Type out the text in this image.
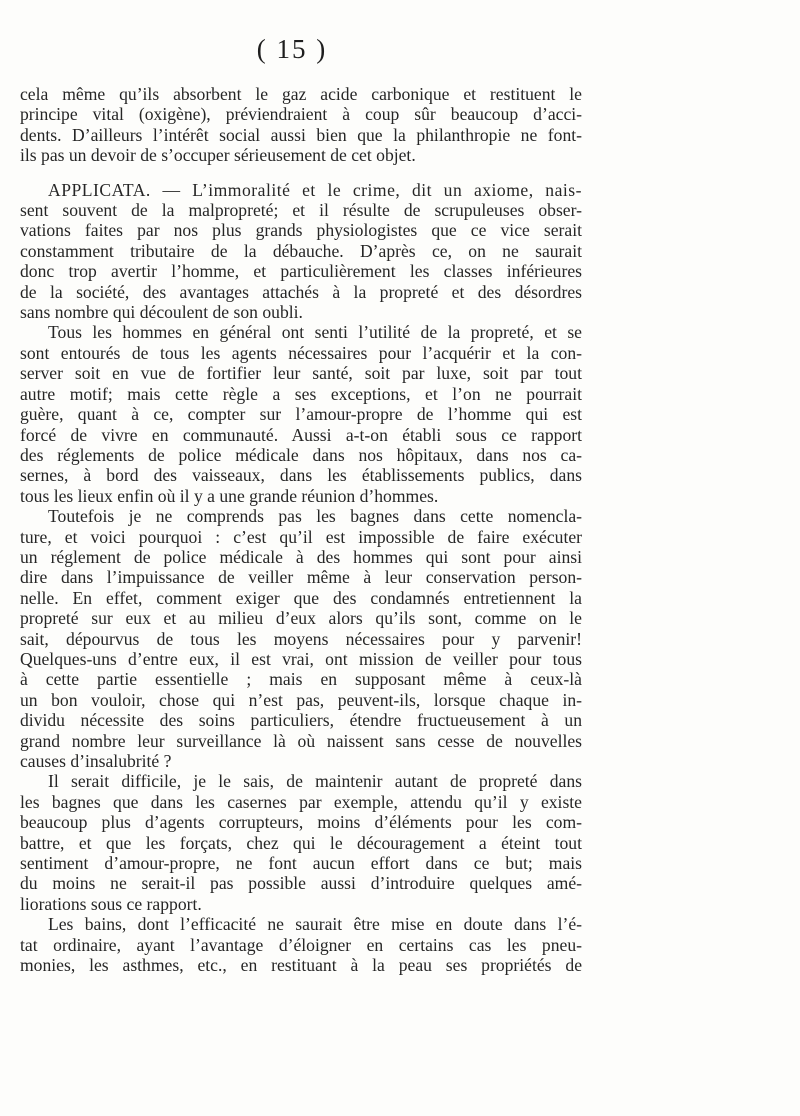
( 15 )
cela même qu’ils absorbent le gaz acide carbonique et restituent le
principe vital (oxigène), préviendraient à coup sûr beaucoup d’acci-
dents. D’ailleurs l’intérêt social aussi bien que la philanthropie ne font-
ils pas un devoir de s’occuper sérieusement de cet objet.
APPLICATA. — L’immoralité et le crime, dit un axiome, nais-
sent souvent de la malpropreté; et il résulte de scrupuleuses obser-
vations faites par nos plus grands physiologistes que ce vice serait
constamment tributaire de la débauche. D’après ce, on ne saurait
donc trop avertir l’homme, et particulièrement les classes inférieures
de la société, des avantages attachés à la propreté et des désordres
sans nombre qui découlent de son oubli.
Tous les hommes en général ont senti l’utilité de la propreté, et se
sont entourés de tous les agents nécessaires pour l’acquérir et la con-
server soit en vue de fortifier leur santé, soit par luxe, soit par tout
autre motif; mais cette règle a ses exceptions, et l’on ne pourrait
guère, quant à ce, compter sur l’amour-propre de l’homme qui est
forcé de vivre en communauté. Aussi a-t-on établi sous ce rapport
des réglements de police médicale dans nos hôpitaux, dans nos ca-
sernes, à bord des vaisseaux, dans les établissements publics, dans
tous les lieux enfin où il y a une grande réunion d’hommes.
Toutefois je ne comprends pas les bagnes dans cette nomencla-
ture, et voici pourquoi : c’est qu’il est impossible de faire exécuter
un réglement de police médicale à des hommes qui sont pour ainsi
dire dans l’impuissance de veiller même à leur conservation person-
nelle. En effet, comment exiger que des condamnés entretiennent la
propreté sur eux et au milieu d’eux alors qu’ils sont, comme on le
sait, dépourvus de tous les moyens nécessaires pour y parvenir!
Quelques-uns d’entre eux, il est vrai, ont mission de veiller pour tous
à cette partie essentielle ; mais en supposant même à ceux-là
un bon vouloir, chose qui n’est pas, peuvent-ils, lorsque chaque in-
dividu nécessite des soins particuliers, étendre fructueusement à un
grand nombre leur surveillance là où naissent sans cesse de nouvelles
causes d’insalubrité ?
Il serait difficile, je le sais, de maintenir autant de propreté dans
les bagnes que dans les casernes par exemple, attendu qu’il y existe
beaucoup plus d’agents corrupteurs, moins d’éléments pour les com-
battre, et que les forçats, chez qui le découragement a éteint tout
sentiment d’amour-propre, ne font aucun effort dans ce but; mais
du moins ne serait-il pas possible aussi d’introduire quelques amé-
liorations sous ce rapport.
Les bains, dont l’efficacité ne saurait être mise en doute dans l’é-
tat ordinaire, ayant l’avantage d’éloigner en certains cas les pneu-
monies, les asthmes, etc., en restituant à la peau ses propriétés de
